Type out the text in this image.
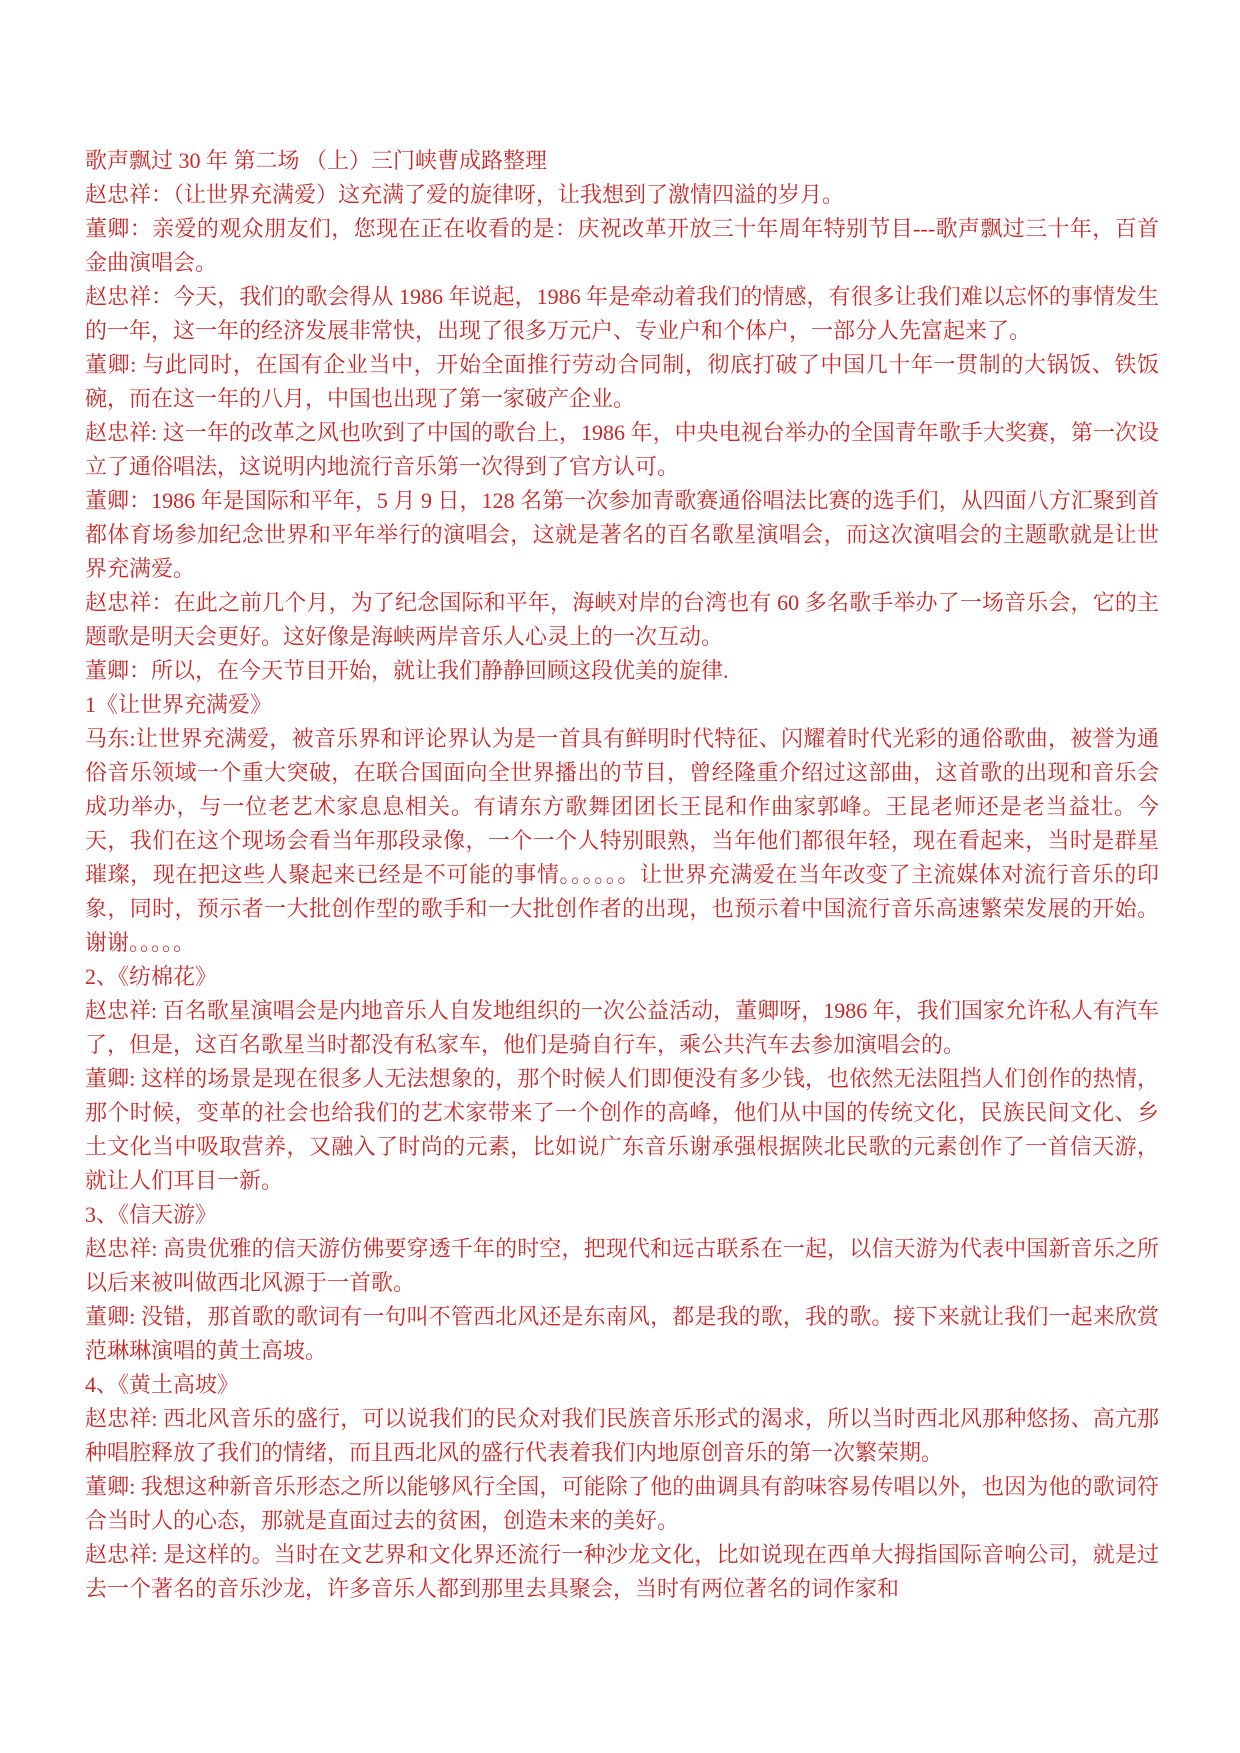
歌声飘过 30 年 第二场 （上）三门峡曹成路整理

赵忠祥：（让世界充满爱）这充满了爱的旋律呀，让我想到了激情四溢的岁月。

董卿：亲爱的观众朋友们，您现在正在收看的是：庆祝改革开放三十年周年特别节目---歌声飘过三十年，百首金曲演唱会。

赵忠祥：今天，我们的歌会得从 1986 年说起，1986 年是牵动着我们的情感，有很多让我们难以忘怀的事情发生的一年，这一年的经济发展非常快，出现了很多万元户、专业户和个体户，一部分人先富起来了。

董卿: 与此同时，在国有企业当中，开始全面推行劳动合同制，彻底打破了中国几十年一贯制的大锅饭、铁饭碗，而在这一年的八月，中国也出现了第一家破产企业。

赵忠祥: 这一年的改革之风也吹到了中国的歌台上，1986 年，中央电视台举办的全国青年歌手大奖赛，第一次设立了通俗唱法，这说明内地流行音乐第一次得到了官方认可。

董卿：1986 年是国际和平年，5 月 9 日，128 名第一次参加青歌赛通俗唱法比赛的选手们，从四面八方汇聚到首都体育场参加纪念世界和平年举行的演唱会，这就是著名的百名歌星演唱会，而这次演唱会的主题歌就是让世界充满爱。

赵忠祥：在此之前几个月，为了纪念国际和平年，海峡对岸的台湾也有 60 多名歌手举办了一场音乐会，它的主题歌是明天会更好。这好像是海峡两岸音乐人心灵上的一次互动。

董卿：所以，在今天节目开始，就让我们静静回顾这段优美的旋律.

1《让世界充满爱》

马东:让世界充满爱，被音乐界和评论界认为是一首具有鲜明时代特征、闪耀着时代光彩的通俗歌曲，被誉为通俗音乐领域一个重大突破，在联合国面向全世界播出的节目，曾经隆重介绍过这部曲，这首歌的出现和音乐会成功举办，与一位老艺术家息息相关。有请东方歌舞团团长王昆和作曲家郭峰。王昆老师还是老当益壮。今天，我们在这个现场会看当年那段录像，一个一个人特别眼熟，当年他们都很年轻，现在看起来，当时是群星璀璨，现在把这些人聚起来已经是不可能的事情。。。。。。让世界充满爱在当年改变了主流媒体对流行音乐的印象，同时，预示者一大批创作型的歌手和一大批创作者的出现，也预示着中国流行音乐高速繁荣发展的开始。谢谢。。。。。

2、《纺棉花》

赵忠祥: 百名歌星演唱会是内地音乐人自发地组织的一次公益活动，董卿呀，1986 年，我们国家允许私人有汽车了，但是，这百名歌星当时都没有私家车，他们是骑自行车，乘公共汽车去参加演唱会的。

董卿: 这样的场景是现在很多人无法想象的，那个时候人们即便没有多少钱，也依然无法阻挡人们创作的热情，那个时候，变革的社会也给我们的艺术家带来了一个创作的高峰，他们从中国的传统文化，民族民间文化、乡土文化当中吸取营养，又融入了时尚的元素，比如说广东音乐谢承强根据陕北民歌的元素创作了一首信天游，就让人们耳目一新。

3、《信天游》

赵忠祥: 高贵优雅的信天游仿佛要穿透千年的时空，把现代和远古联系在一起，以信天游为代表中国新音乐之所以后来被叫做西北风源于一首歌。

董卿: 没错，那首歌的歌词有一句叫不管西北风还是东南风，都是我的歌，我的歌。接下来就让我们一起来欣赏范琳琳演唱的黄土高坡。

4、《黄土高坡》

赵忠祥: 西北风音乐的盛行，可以说我们的民众对我们民族音乐形式的渴求，所以当时西北风那种悠扬、高亢那种唱腔释放了我们的情绪，而且西北风的盛行代表着我们内地原创音乐的第一次繁荣期。

董卿: 我想这种新音乐形态之所以能够风行全国，可能除了他的曲调具有韵味容易传唱以外，也因为他的歌词符合当时人的心态，那就是直面过去的贫困，创造未来的美好。

赵忠祥: 是这样的。当时在文艺界和文化界还流行一种沙龙文化，比如说现在西单大拇指国际音响公司，就是过去一个著名的音乐沙龙，许多音乐人都到那里去具聚会，当时有两位著名的词作家和
